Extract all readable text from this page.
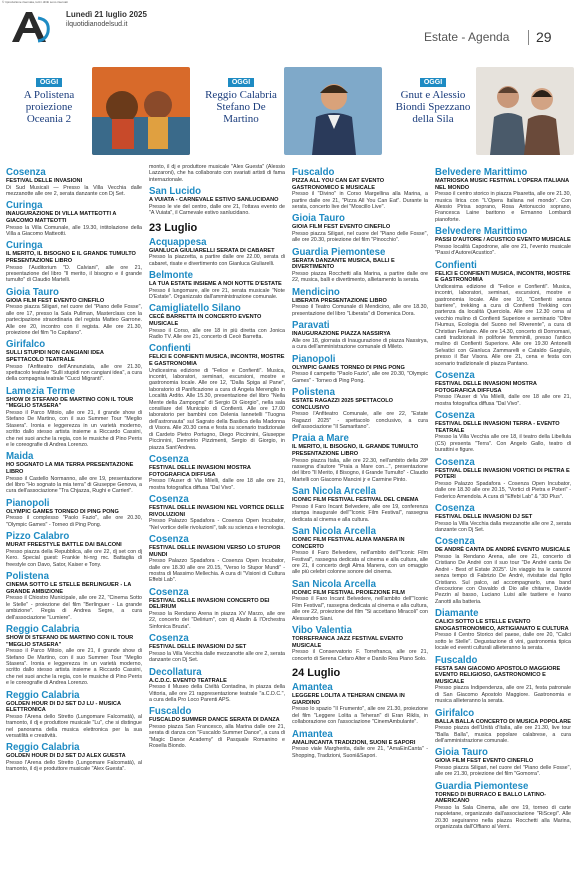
© riproduzione riservata, tutti i diritti sono riservati
Lunedì 21 luglio 2025
ilquotidianodelsud.it
Estate - Agenda 29
OGGI
A Polistena proiezione Oceania 2
OGGI
Reggio Calabria Stefano De Martino
OGGI
Gnut e Alessio Biondi Spezzano della Sila
Cosenza
FESTIVAL DELLE INVASIONI
Di Sud Musicali — Presso la Villa Vecchia dalle mezzanotte alle ore 2, serata danzante con Dj Set.
Curinga
INAUGURAZIONE DI VILLA MATTEOTTI A GIACOMO MATTEOTTI
Presso la Villa Comunale, alle 19.30, intitolazione della Villa a Giacomo Matteotti.
Curinga
IL MERITO, IL BISOGNO E IL GRANDE TUMULTO PRESENTAZIONE LIBRO
Presso l'Auditorium "D. Calviani", alle ore 21, presentazione del libro "Il merito, il bisogno e il grande tumulto" di Claudio Martelli.
Gioia Tauro
GIOIA FILM FEST EVENTO CINEFILO
Presso piazza Siligari, nel cuore del "Piano delle Fosse", alle ore 17, presso la Sala Pullman, Masterclass con la partecipazione straordinaria del regista Matteo Garrone. Alle ore 20, incontro con il regista. Alle ore 21.30, proiezione del film "Io Capitano".
Girifalco
SULLI STUPIDI NON CANGIANI IDEA SPETTACOLO TEATRALE
Presso l'Anfiteatro dell'Annunziata, alle ore 21.30, spettacolo teatrale "Sulli stupidi non cangiani idea", a cura della compagnia teatrale "Cucci Migranti".
Lamezia Terme
SHOW DI STEFANO DE MARTINO CON IL TOUR "MEGLIO STASERA"
Presso il Parco Mitoio, alle ore 21, il grande show di Stefano De Martino, con il suo Summer Tour "Meglio Stasera". Ironia e leggerezza in un varietà moderno, scritto dallo stesso artista insieme a Riccardo Cassini, che nei suoi anche la regia, con le musiche di Pino Perris e le coreografie di Andrea Lorenzo.
Maida
HO SOGNATO LA MIA TERRA PRESENTAZIONE LIBRO
Presso il Castello Normanno, alle ore 19, presentazione del libro "Ho sognato la mia terra" di Giuseppe Genova, a cura dell'associazione "Tra Chjazza, Rughi e Carrieri".
Pianopoli
OLYMPIC GAMES TORNEO DI PING PONG
Presso il complesso "Paolo Fazio", alle ore 20.30, "Olympic Games" - Torneo di Ping Pong.
Pizzo Calabro
MURAT FREESTYLE BATTLE DAI BALCONI
Presso piazza della Repubblica, alle ore 22, dj set con dj Kero. Special guest: Frankie hi-nrg mc. Battaglia di freestyle con Davo, Sator, Kaiser e Tony.
Polistena
CINEMA SOTTO LE STELLE BERLINGUER - LA GRANDE AMBIZIONE
Presso il Chiostro Municipale, alle ore 22, "Cinema Sotto le Stelle" - proiezione del film "Berlinguer - La grande ambizione". Regia di Andrea Segre, a cura dell'associazione "Lumiere".
Reggio Calabria
SHOW DI STEFANO DE MARTINO CON IL TOUR "MEGLIO STASERA"
Presso il Parco Mitoio, alle ore 21, il grande show di Stefano De Martino, con il suo Summer Tour "Meglio Stasera". Ironia e leggerezza in un varietà moderno, scritto dallo stesso artista insieme a Riccardo Cassini, che nei suoi anche la regia, con le musiche di Pino Perris e le coreografie di Andrea Lorenzo.
Reggio Calabria
GOLDEN HOUR DI DJ SET DJ LU - MUSICA ELETTRONICA
Presso l'Arena dello Stretto (Lungomare Falcomatà), al tramonto, il dj e produttore musicale "Lu", che si distingue nel panorama della musica elettronica per la sua versatilità e creatività.
Reggio Calabria
GOLDEN HOUR DI DJ SET DJ ALEX GUESTA
Presso l'Arena dello Stretto (Lungomare Falcomatà), al tramonto, il dj e produttore musicale "Alex Guesta".
monto, il dj e produttore musicale "Alex Guesta" (Alessio Lazzaroni), che ha collaborato con svariati artisti di fama internazionale.
San Lucido
A VUIATA - CARNEVALE ESTIVO SANLUCIDANO
Presso le vie del centro, dalle ore 21, l'ottava evento de "A Vuiata", il Carnevale estivo sanlucidano.
23 Luglio
Acquappesa
GIANLUCA GIULIARELLI SERATA DI CABARET
Presso la piazzetta, a partire dalle ore 22.00, serata di cabaret, risate e divertimento con Gianluca Giuliarelli.
Belmonte
LA TUA ESTATE INSIEME A NOI NOTTE D'ESTATE
Presso il lungomare, alle ore 21, serata musicale "Note D'Estate". Organizzato dall'amministrazione comunale.
Camigliatello Silano
CECÈ BARRETTA IN CONCERTO EVENTO MUSICALE
Presso il Corso, alle ore 18 in più diretta con Jonica Radio TV. Alle ore 21, concerto di Cecè Barretta.
Confienti
FELICI E CONFIENTI MUSICA, INCONTRI, MOSTRE E GASTRONOMIA
Undicesima edizione di "Felice e Confienti". Musica, incontri, laboratori, seminari, escursioni, mostre e gastronomia locale. Alle ore 12, "Dalla Spiga al Pane", laboratorio di Panificazione a cura di Angela Merenglio in Località Ardito. Alle 15.30, presentazione del libro "Nella Mente della Zampogna" di Sergio Di Giorgio", nella sala consiliare del Municipio di Confienti. Alle ore 17.00 laboratorio per bambini con Delenia Iannetelli "Tuogna dell'astronauta" sul Sagrato della Basilica della Madonna di Visora. Alle 20.30 cena e festa su scenario tradizionale di Cardeto Pietro Portugno, Diego Piccinnini, Giuseppe Piccinnini, Demetrio Pizzimenti, Sergio di Giorgio, in piazza Sant'Andrea.
Cosenza
FESTIVAL DELLE INVASIONI MOSTRA FOTOGRAFICA DIFFUSA
Presso l'Auser di Via Milelli, dalle ore 18 alle ore 21, mostra fotografica diffusa "Dal Vivo".
Cosenza
FESTIVAL DELLE INVASIONI NEL VORTICE DELLE RIVOLUZIONI
Presso Palazzo Spadafora - Cosenza Open Incubator, "Nel vortice delle rivoluzioni", talk su scienza e tecnologia.
Cosenza
FESTIVAL DELLE INVASIONI VERSO LO STUPOR MUNDI
Presso Palazzo Spadafora - Cosenza Open Incubator, dalle ore 18.30 alle ore 20.15, "Verso lo Stupor Mundi" - mostra di Massimo Mellechia. A cura di "Visioni di Cultura Effebi Lab".
Cosenza
FESTIVAL DELLE INVASIONI CONCERTO DEI DELIRIUM
Presso la Rendano Arena in piazza XV Marzo, alle ore 22, concerto dei "Delirium", con dj Aladin & l'Orchestra Sinfonica Bruzia".
Cosenza
FESTIVAL DELLE INVASIONI DJ SET
Presso la Villa Vecchia dalle mezzanotte alle ore 2, serata danzante con Dj Set.
Decollatura
A.C.D.C. EVENTO TEATRALE
Presso il Museo della Civiltà Contadina, in piazza della Vittoria, alle ore 21 rappresentazione teatrale "a.C.D.C.", a cura della Pro Loco Parenti APS.
Fuscaldo
FUSCALDO SUMMER DANCE SERATA DI DANZA
Presso piazza San Francesco, alla Marina dalle ore 21, serata di danza con "Fuscaldo Summer Dance", a cura di "Magic Dance Academy" di Pasquale Romanino e Rosella Biondo.
Fuscaldo
PIZZA ALL YOU CAN EAT EVENTO GASTRONOMICO E MUSICALE
Presso il "Divino" in Corso Margellina alla Marina, a partire dalle ore 21, "Pizza All You Can Eat". Durante la serata, concerto live dei "Moscillo Live".
Gioia Tauro
GIOIA FILM FEST EVENTO CINEFILO
Presso piazza Siligari, nel cuore del "Piano delle Fosse", alle ore 20.30, proiezione del film "Pinocchio".
Guardia Piemontese
SERATA DANZANTE MUSICA, BALLI E DIVERTIMENTO
Presso piazza Rocchetti alla Marina, a partire dalle ore 22, musica, balli e divertimento, allietamento la serata.
Mendicino
LIBERATA PRESENTAZIONE LIBRO
Presso il Teatro Comunale di Mendicino, alle ore 18.30, presentazione del libro "Liberata" di Domenica Dora.
Paravati
INAUGURAZIONE PIAZZA NASSIRYA
Alle ore 18, giornata di Inaugurazione di piazza Nassirya, a cura dell'amministrazione comunale di Mileto.
Pianopoli
OLYMPIC GAMES TORNEO DI PING PONG
Presso il campetto "Paolo Fazio", alle ore 20.30, "Olympic Games" - Torneo di Ping Pong.
Polistena
ESTATE RAGAZZI 2025 SPETTACOLO CONCLUSIVO
Presso l'Anfiteatro Comunale, alle ore 22, "Estate Ragazzi 2025" - spettacolo conclusivo, a cura dell'associazione "Il Samaritano".
Praia a Mare
IL MERITO, IL BISOGNO, IL GRANDE TUMULTO PRESENTAZIONE LIBRO
Presso piazza Italia, alle ore 22.30, nell'ambito della 28ª rassegna d'autore "Praia a Mare con...", presentazione del libro "Il Merito, il Bisogno, il Grande Tumulto" - Claudio Martelli con Giacomo Mancini jr e Carmine Pinto.
San Nicola Arcella
ICONIC FILM FESTIVAL FESTIVAL DEL CINEMA
Presso il Faro Incant Belvedere, alle ore 19, conferenza stampa inaugurale dell'"Iconic Film Festival", rassegna dedicata al cinema e alla cultura.
San Nicola Arcella
ICONIC FILM FESTIVAL ALMA MANERA IN CONCERTO
Presso il Faro Belvedere, nell'ambito dell'"Iconic Film Festival", rassegna dedicata al cinema e alla cultura, alle ore 21, il concerto degli Alma Manera, con un omaggio alle più celebri colonne sonore del cinema.
San Nicola Arcella
ICONIC FILM FESTIVAL PROIEZIONE FILM
Presso il Faro Incant Belvedere, nell'ambito dell'"Iconic Film Festival", rassegna dedicata al cinema e alla cultura, alle ore 22, proiezione del film "Si accettano Miracoli" con Alessandro Siani.
Vibo Valentia
TORREFRANCA JAZZ FESTIVAL EVENTO MUSICALE
Presso il Conservatorio F. Torrefranca, alle ore 21, concerto di Serena Cefaro Alter e Danilo Rea Piano Solo.
24 Luglio
Amantea
LEGGERE LOLITA A TEHERAN CINEMA IN GIARDINO
Presso lo spazio "Il Frumento", alle ore 21.30, proiezione del film "Leggere Lolita a Teheran" di Eran Riklis, in collaborazione con l'associazione "CinemAmbulante".
Amantea
AMALINCANTA TRADIZIONI, SUONI E SAPORI
Presso viale Margherita, dalle ore 21, "AmaEinCanta" - Shopping, Tradizioni, Suoni&Sapori.
Belvedere Marittimo
MATRIOSKA MUSIC FESTIVAL L'OPERA ITALIANA NEL MONDO
Presso il centro storico in piazza Pisaretta, alle ore 21.30, musica lirica con "L'Opera Italiana nel mondo". Con Alessio Pirisa soprano, Rosa Antonuccio soprano, Francesca Laine baritono e Ermanno Lombardi pianoforte.
Belvedere Marittimo
PASSI D'AUTORE / ACUSTICO EVENTO MUSICALE
Presso località Capodrone, alle ore 21, l'evento musicale "Passi d'Autore/Acustico".
Confienti
FELICI E CONFIENTI MUSICA, INCONTRI, MOSTRE E GASTRONOMIA
Undicesima edizione di "Felice e Confienti". Musica, incontri, laboratori, seminari, escursioni, mostre e gastronomia locale. Alle ore 10, "Confienti senza barriere", trekking a cura di Confienti Trekking con partenza da località Querciola. Alle ore 12.30 cena al vecchio mulino di Confienti Superiore e seminario "Oltre l'Humus, Ecologia del Suono nel Riverente", a cura di Christian Ferlaino. Alle ore 14.30, concerto di Dornomani, canti tradizionali in polifonie femminili, presso l'antico mulino di Confienti Superiore. Alle ore 19.30 Antonelli Selvatici con Gianluca Zammarelli e Cataldo Gargiulo, presso il Bar Visora. Alle ore 21, cena e festa con scenario tradizionale di piazza Pantano.
Cosenza
FESTIVAL DELLE INVASIONI MOSTRA FOTOGRAFICA DIFFUSA
Presso l'Auser di Via Milelli, dalle ore 18 alle ore 21, mostra fotografica diffusa "Dal Vivo".
Cosenza
FESTIVAL DELLE INVASIONI TERRA - EVENTO TEATRALE
Presso la Villa Vecchia alle ore 18, il teatro della Libellula (CS) presenta "Terra". Con Angelo Gallo, teatro di burattini e figure.
Cosenza
FESTIVAL DELLE INVASIONI VORTICI DI PIETRA E POTERI
Presso Palazzo Spadafora - Cosenza Open Incubator, dalle ore 18.30 alle ore 20.15, "Vortici di Pietra e Poteri" - Federico Amendola. A cura di "Effebi Lab" & "3D Plus".
Cosenza
FESTIVAL DELLE INVASIONI DJ SET
Presso la Villa Vecchia dalla mezzanotte alle ore 2, serata danzante con Dj Set.
Cosenza
DE ANDRÈ CANTA DE ANDRÉ EVENTO MUSICALE
Presso la Rendano Arena, alle ore 21, concerto di Cristiano De André con il suo tour "De André canta De André - Best of Estate 2025". Un viaggio tra le canzoni senza tempo di Fabrizio De André, rivisitate dal figlio Cristiano. Sul palco, ad accompagnarlo, una band d'eccezione con Osvaldo di Dio alle chitarre, Davide Pezzin al basso, Luciano Luisi alle tastiere e Ivano Zanotti alla batteria.
Diamante
CALICI SOTTO LE STELLE EVENTO ENOGASTRONOMICO, ARTIGIANATO E CULTURA
Presso il Centro Storico del paese, dalle ore 20, "Calici sotto le Stelle". Degustazione di vini, gastronomia tipica locale ed eventi culturali allieteranno la serata.
Fuscaldo
FESTA SAN GIACOMO APOSTOLO MAGGIORE EVENTO RELIGIOSO, GASTRONOMICO E MUSICALE
Presso piazza Indipendenza, alle ore 21, festa patronale di San Giacomo Apostolo Maggiore. Gastronomia e musica allieteranno la serata.
Girifalco
BALLA BALLA CONCERTO DI MUSICA POPOLARE
Presso piazza dell'Unità d'Italia, alle ore 21.30, live tour "Balla Balla", musica popolare calabrese, a cura dell'amministrazione comunale.
Gioia Tauro
GIOIA FILM FEST EVENTO CINEFILO
Presso piazza Siligari, nel cuore del "Piano delle Fosse", alle ore 21.30, proiezione del film "Gomorra".
Guardia Piemontese
TORNEO DI BURRACO E BALLO LATINO-AMERICANO
Presso la Sala Cinema, alle ore 19, torneo di carte napoletane, organizzato dall'associazione "RiScegi". Alle 20.30 seguiranno nella piazza Rocchetti alla Marina, organizzata dall'Offiano al Verni.
